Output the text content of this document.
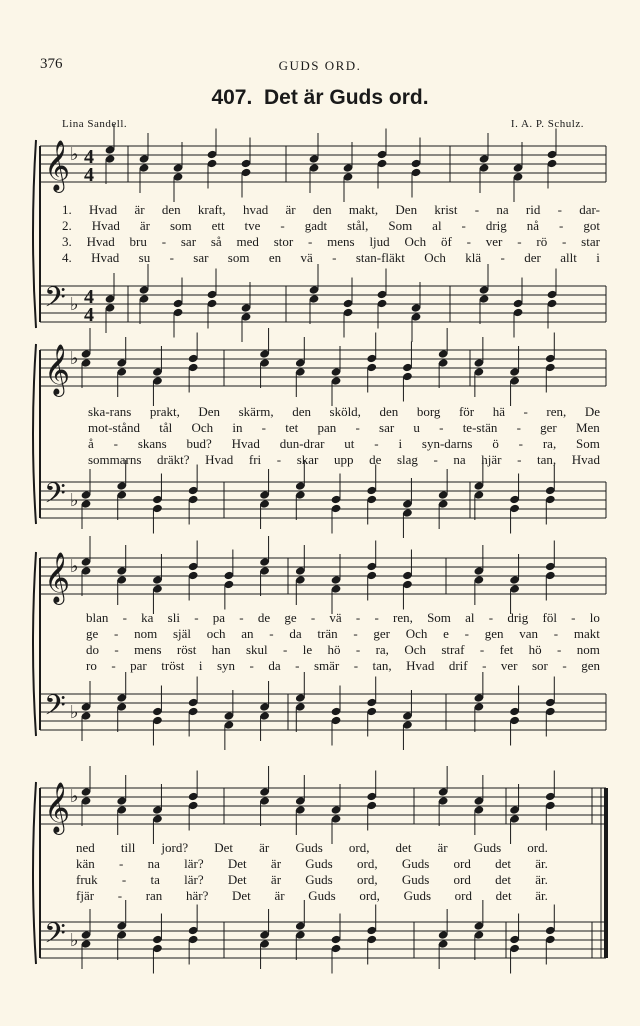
376	GUDS ORD.
407. Det är Guds ord.
Lina Sandell.	I. A. P. Schulz.
𝄞
𝄢
♭
♭
4
4
4
4
𝄞
𝄢
♭
♭
𝄞
𝄢
♭
♭
𝄞
𝄢
♭
♭
1. Hvad är den kraft, hvad är den makt, Den krist - na rid - dar-
2. Hvad är som ett tve - gadt stål, Som al - drig nå - got
3. Hvad bru - sar så med stor - mens ljud Och öf - ver - rö - star
4. Hvad su - sar som en vä - stan-fläkt Och klä - der allt i
ska-rans prakt, Den skärm, den sköld, den borg för hä - ren, De
mot-stånd tål Och in - tet pan - sar u - te-stän - ger Men
å - skans bud? Hvad dun-drar ut - i syn-darns ö - ra, Som
sommarns dräkt? Hvad fri - skar upp de slag - na hjär - tan, Hvad
blan - ka sli - pa - de ge - vä - - ren, Som al - drig föl - lo
ge - nom själ och an - da trän - ger Och e - gen van - makt
do - mens röst han skul - le hö - ra, Och straf - fet hö - nom
ro - par tröst i syn - da - smär - tan, Hvad drif - ver sor - gen
ned till jord? Det är Guds ord, det är Guds ord.
kän - na lär? Det är Guds ord, Guds ord det är.
fruk - ta lär? Det är Guds ord, Guds ord det är.
fjär - ran här? Det är Guds ord, Guds ord det är.
